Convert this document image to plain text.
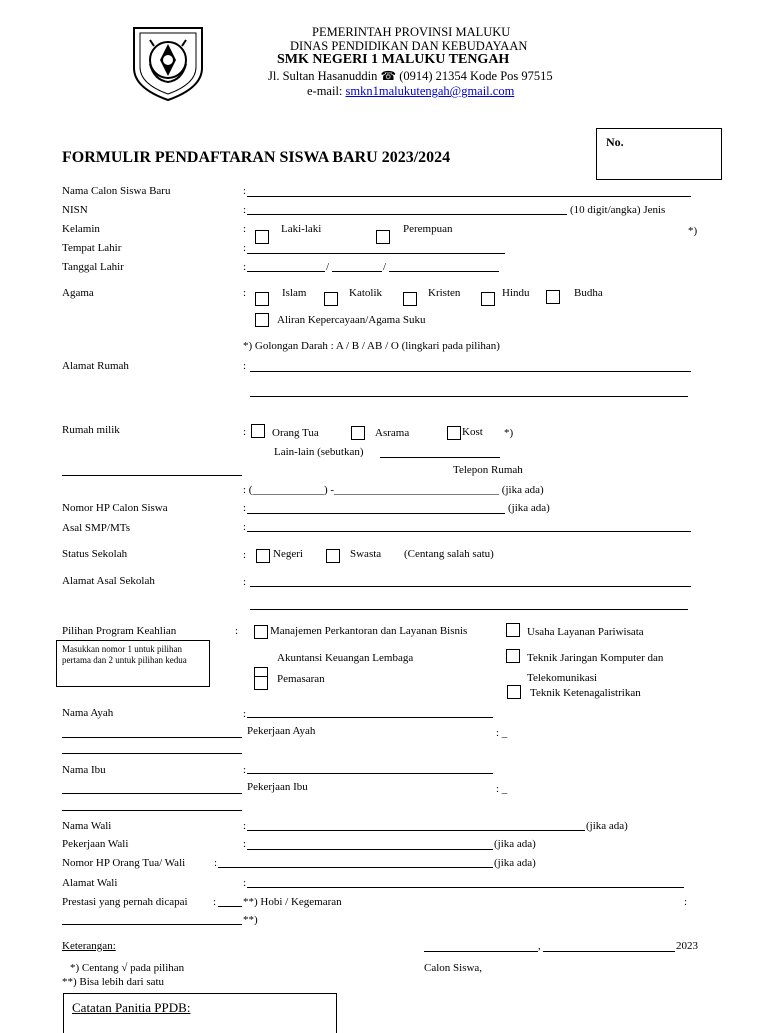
PEMERINTAH PROVINSI MALUKU
DINAS PENDIDIKAN DAN KEBUDAYAAN
SMK NEGERI 1 MALUKU TENGAH
Jl. Sultan Hasanuddin ☎ (0914) 21354 Kode Pos 97515
e-mail: smkn1malukutengah@gmail.com
No.
FORMULIR PENDAFTARAN SISWA BARU 2023/2024
Nama Calon Siswa Baru	:
NISN	:	(10 digit/angka) Jenis
Kelamin	:	Laki-laki	Perempuan	*)
Tempat Lahir	:
Tanggal Lahir	:	/	/
Agama	:	Islam	Katolik	Kristen	Hindu	Budha
Aliran Kepercayaan/Agama Suku
*) Golongan Darah : A / B / AB / O (lingkari pada pilihan)
Alamat Rumah	:
Rumah milik	: Orang Tua	Asrama	Kost *)
Lain-lain (sebutkan)
Telepon Rumah
: (_____________) -______________________________ (jika ada)
Nomor HP Calon Siswa	:	(jika ada)
Asal SMP/MTs	:
Status Sekolah	: Negeri	Swasta (Centang salah satu)
Alamat Asal Sekolah	:
Pilihan Program Keahlian	:
Masukkan nomor 1 untuk pilihan pertama dan 2 untuk pilihan kedua
Manajemen Perkantoran dan Layanan Bisnis
Akuntansi Keuangan Lembaga
Pemasaran
Usaha Layanan Pariwisata
Teknik Jaringan Komputer dan Telekomunikasi
Teknik Ketenagalistrikan
Nama Ayah	:
Pekerjaan Ayah	: _
Nama Ibu	:
Pekerjaan Ibu	: _
Nama Wali	:	(jika ada)
Pekerjaan Wali	:	(jika ada)
Nomor HP Orang Tua/ Wali	:	(jika ada)
Alamat Wali	:
Prestasi yang pernah dicapai : **) Hobi / Kegemaran	:
**)
Keterangan:	,	2023
*) Centang √ pada pilihan	Calon Siswa,
**) Bisa lebih dari satu
Catatan Panitia PPDB:
